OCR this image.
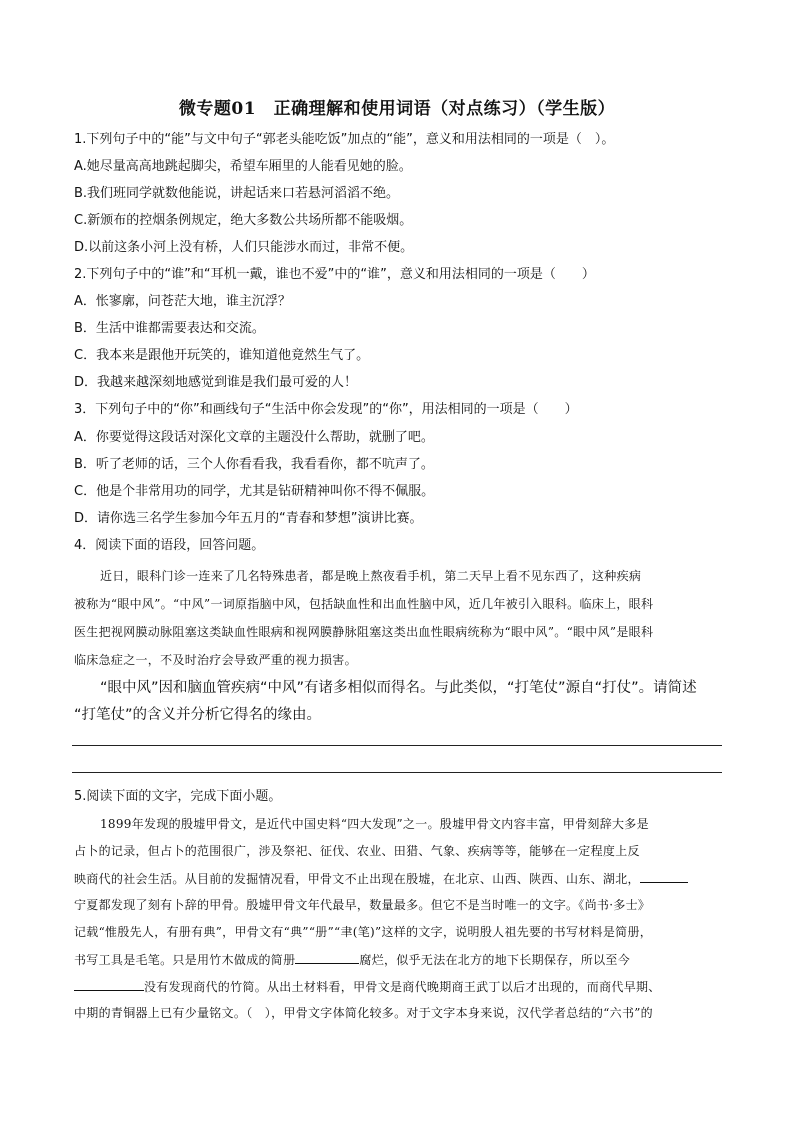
微专题01　正确理解和使用词语（对点练习）（学生版）
1.下列句子中的“能”与文中句子“郭老头能吃饭”加点的“能”，意义和用法相同的一项是（　）。
A.她尽量高高地跳起脚尖，希望车厢里的人能看见她的脸。
B.我们班同学就数他能说，讲起话来口若悬河滔滔不绝。
C.新颁布的控烟条例规定，绝大多数公共场所都不能吸烟。
D.以前这条小河上没有桥，人们只能涉水而过，非常不便。
2.下列句子中的“谁”和“耳机一戴，谁也不爱”中的“谁”，意义和用法相同的一项是（　　）
A．怅寥廓，问苍茫大地，谁主沉浮？
B．生活中谁都需要表达和交流。
C．我本来是跟他开玩笑的，谁知道他竟然生气了。
D．我越来越深刻地感觉到谁是我们最可爱的人！
3．下列句子中的“你”和画线句子“生活中你会发现”的“你”，用法相同的一项是（　　）
A．你要觉得这段话对深化文章的主题没什么帮助，就删了吧。
B．听了老师的话，三个人你看看我，我看看你，都不吭声了。
C．他是个非常用功的同学，尤其是钻研精神叫你不得不佩服。
D．请你选三名学生参加今年五月的“青春和梦想”演讲比赛。
4．阅读下面的语段，回答问题。
近日，眼科门诊一连来了几名特殊患者，都是晚上熬夜看手机，第二天早上看不见东西了，这种疾病
被称为“眼中风”。“中风”一词原指脑中风，包括缺血性和出血性脑中风，近几年被引入眼科。临床上，眼科
医生把视网膜动脉阻塞这类缺血性眼病和视网膜静脉阻塞这类出血性眼病统称为“眼中风”。“眼中风”是眼科
临床急症之一，不及时治疗会导致严重的视力损害。
“眼中风”因和脑血管疾病“中风”有诸多相似而得名。与此类似，“打笔仗”源自“打仗”。请简述
“打笔仗”的含义并分析它得名的缘由。
5.阅读下面的文字，完成下面小题。
1899年发现的殷墟甲骨文，是近代中国史料“四大发现”之一。殷墟甲骨文内容丰富，甲骨刻辞大多是
占卜的记录，但占卜的范围很广，涉及祭祀、征伐、农业、田猎、气象、疾病等等，能够在一定程度上反
映商代的社会生活。从目前的发掘情况看，甲骨文不止出现在殷墟，在北京、山西、陕西、山东、湖北，
宁夏都发现了刻有卜辞的甲骨。殷墟甲骨文年代最早，数量最多。但它不是当时唯一的文字。《尚书·多士》
记载“惟殷先人，有册有典”，甲骨文有“典”“册”“聿(笔)”这样的文字，说明殷人祖先要的书写材料是简册，
书写工具是毛笔。只是用竹木做成的简册	腐烂，似乎无法在北方的地下长期保存，所以至今
没有发现商代的竹简。从出土材料看，甲骨文是商代晚期商王武丁以后才出现的，而商代早期、
中期的青铜器上已有少量铭文。（　），甲骨文字体简化较多。对于文字本身来说，汉代学者总结的“六书”的
